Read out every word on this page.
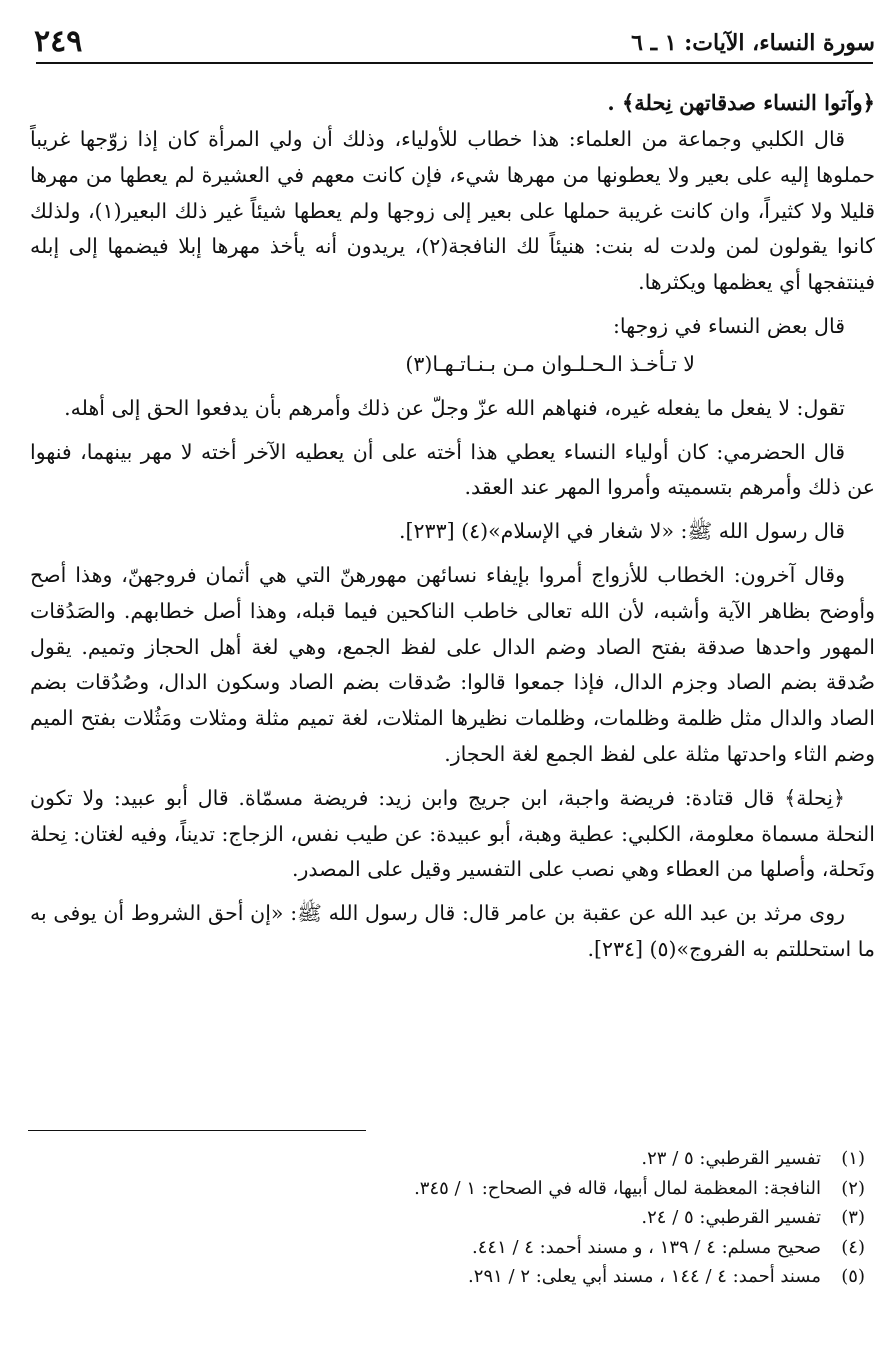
سورة النساء، الآيات: ١ ـ ٦
٢٤٩

﴿وآتوا النساء صدقاتهن نِحلة﴾ .

قال الكلبي وجماعة من العلماء: هذا خطاب للأولياء، وذلك أن ولي المرأة كان إذا زوّجها غريباً حملوها إليه على بعير ولا يعطونها من مهرها شيء، فإن كانت معهم في العشيرة لم يعطها من مهرها قليلا ولا كثيراً، وان كانت غريبة حملها على بعير إلى زوجها ولم يعطها شيئاً غير ذلك البعير(١)، ولذلك كانوا يقولون لمن ولدت له بنت: هنيئاً لك النافجة(٢)، يريدون أنه يأخذ مهرها إبلا فيضمها إلى إبله فينتفجها أي يعظمها ويكثرها.

قال بعض النساء في زوجها:

لا تـأخـذ الـحـلـوان مـن بـنـاتـهـا(٣)

تقول: لا يفعل ما يفعله غيره، فنهاهم الله عزّ وجلّ عن ذلك وأمرهم بأن يدفعوا الحق إلى أهله.

قال الحضرمي: كان أولياء النساء يعطي هذا أخته على أن يعطيه الآخر أخته لا مهر بينهما، فنهوا عن ذلك وأمرهم بتسميته وأمروا المهر عند العقد.

قال رسول الله ﷺ: «لا شغار في الإسلام»(٤) [٢٣٣].

وقال آخرون: الخطاب للأزواج أمروا بإيفاء نسائهن مهورهنّ التي هي أثمان فروجهنّ، وهذا أصح وأوضح بظاهر الآية وأشبه، لأن الله تعالى خاطب الناكحين فيما قبله، وهذا أصل خطابهم. والصَدُقات المهور واحدها صدقة بفتح الصاد وضم الدال على لفظ الجمع، وهي لغة أهل الحجاز وتميم. يقول صُدقة بضم الصاد وجزم الدال، فإذا جمعوا قالوا: صُدقات بضم الصاد وسكون الدال، وصُدُقات بضم الصاد والدال مثل ظلمة وظلمات، وظلمات نظيرها المثلات، لغة تميم مثلة ومثلات ومَثُلات بفتح الميم وضم الثاء واحدتها مثلة على لفظ الجمع لغة الحجاز.

﴿نِحلة﴾ قال قتادة: فريضة واجبة، ابن جريج وابن زيد: فريضة مسمّاة. قال أبو عبيد: ولا تكون النحلة مسماة معلومة، الكلبي: عطية وهبة، أبو عبيدة: عن طيب نفس، الزجاج: تديناً، وفيه لغتان: نِحلة ونَحلة، وأصلها من العطاء وهي نصب على التفسير وقيل على المصدر.

روى مرثد بن عبد الله عن عقبة بن عامر قال: قال رسول الله ﷺ: «إن أحق الشروط أن يوفى به ما استحللتم به الفروج»(٥) [٢٣٤].

(١)تفسير القرطبي: ٥ / ٢٣.
(٢)النافجة: المعظمة لمال أبيها، قاله في الصحاح: ١ / ٣٤٥.
(٣)تفسير القرطبي: ٥ / ٢٤.
(٤)صحيح مسلم: ٤ / ١٣٩ ، و مسند أحمد: ٤ / ٤٤١.
(٥)مسند أحمد: ٤ / ١٤٤ ، مسند أبي يعلى: ٢ / ٢٩١.
